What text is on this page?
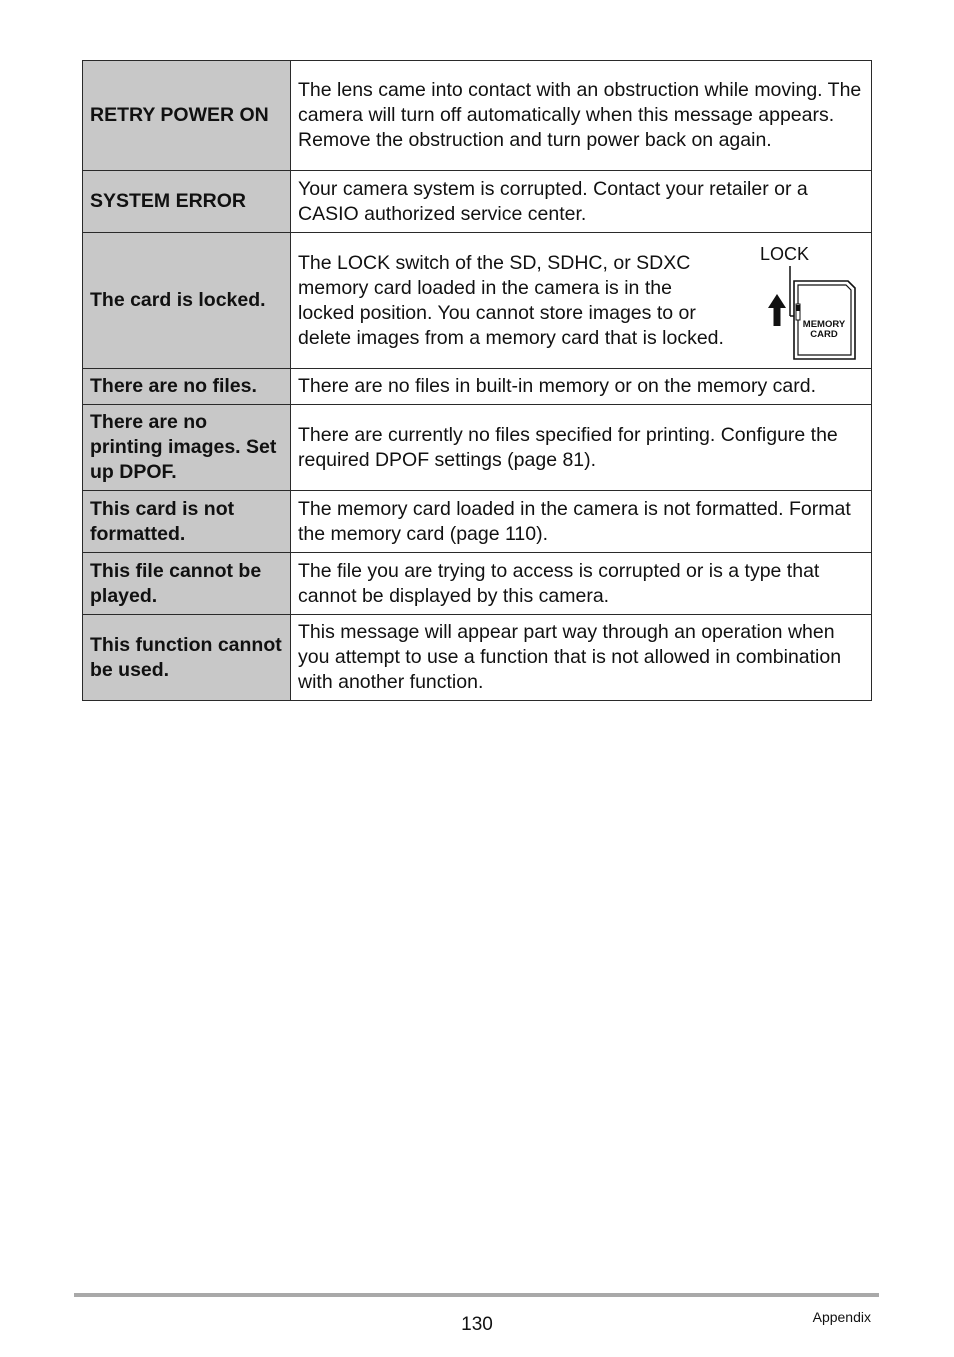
RETRY POWER ON	The lens came into contact with an obstruction while moving. The camera will turn off automatically when this message appears. Remove the obstruction and turn power back on again.
SYSTEM ERROR	Your camera system is corrupted. Contact your retailer or a CASIO authorized service center.
The card is locked.	The LOCK switch of the SD, SDHC, or SDXC memory card loaded in the camera is in the locked position. You cannot store images to or delete images from a memory card that is locked.
LOCK
MEMORY
CARD

There are no files.	There are no files in built-in memory or on the memory card.
There are no printing images. Set up DPOF.	There are currently no files specified for printing. Configure the required DPOF settings (page 81).
This card is not formatted.	The memory card loaded in the camera is not formatted. Format the memory card (page 110).
This file cannot be played.	The file you are trying to access is corrupted or is a type that cannot be displayed by this camera.
This function cannot be used.	This message will appear part way through an operation when you attempt to use a function that is not allowed in combination with another function.
130	Appendix
